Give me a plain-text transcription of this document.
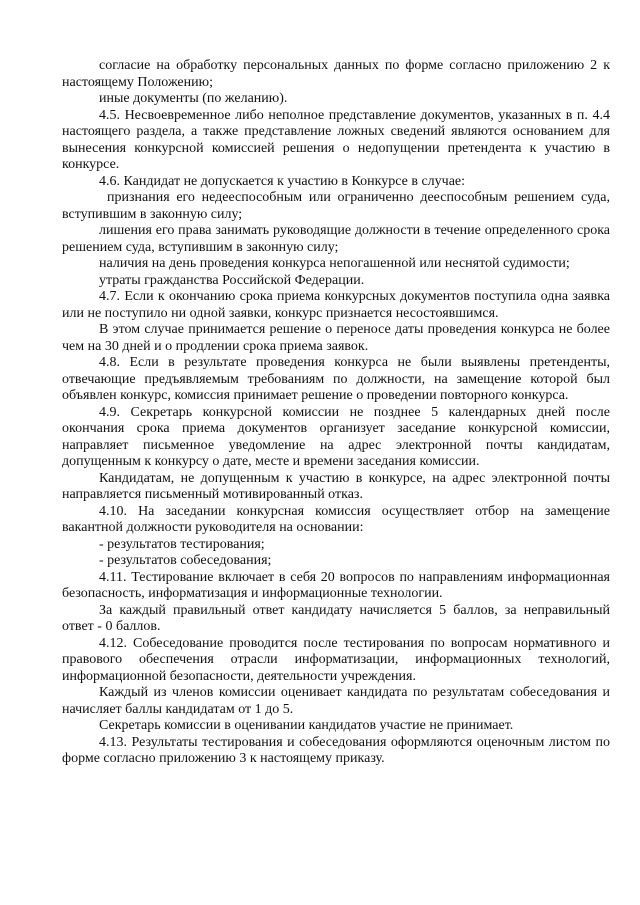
согласие на обработку персональных данных по форме согласно приложению 2 к настоящему Положению;

иные документы (по желанию).

4.5. Несвоевременное либо неполное представление документов, указанных в п. 4.4 настоящего раздела, а также представление ложных сведений являются основанием для вынесения конкурсной комиссией решения о недопущении претендента к участию в конкурсе.

4.6. Кандидат не допускается к участию в Конкурсе в случае:

признания его недееспособным или ограниченно дееспособным решением суда, вступившим в законную силу;

лишения его права занимать руководящие должности в течение определенного срока решением суда, вступившим в законную силу;

наличия на день проведения конкурса непогашенной или неснятой судимости;

утраты гражданства Российской Федерации.

4.7. Если к окончанию срока приема конкурсных документов поступила одна заявка или не поступило ни одной заявки, конкурс признается несостоявшимся.

В этом случае принимается решение о переносе даты проведения конкурса не более чем на 30 дней и о продлении срока приема заявок.

4.8. Если в результате проведения конкурса не были выявлены претенденты, отвечающие предъявляемым требованиям по должности, на замещение которой был объявлен конкурс, комиссия принимает решение о проведении повторного конкурса.

4.9. Секретарь конкурсной комиссии не позднее 5 календарных дней после окончания срока приема документов организует заседание конкурсной комиссии, направляет письменное уведомление на адрес электронной почты кандидатам, допущенным к конкурсу о дате, месте и времени заседания комиссии.

Кандидатам, не допущенным к участию в конкурсе, на адрес электронной почты направляется письменный мотивированный отказ.

4.10. На заседании конкурсная комиссия осуществляет отбор на замещение вакантной должности руководителя на основании:

- результатов тестирования;

- результатов собеседования;

4.11. Тестирование включает в себя 20 вопросов по направлениям информационная безопасность, информатизация и информационные технологии.

За каждый правильный ответ кандидату начисляется 5 баллов, за неправильный ответ - 0 баллов.

4.12. Собеседование проводится после тестирования по вопросам нормативного и правового обеспечения отрасли информатизации, информационных технологий, информационной безопасности, деятельности учреждения.

Каждый из членов комиссии оценивает кандидата по результатам собеседования и начисляет баллы кандидатам от 1 до 5.

Секретарь комиссии в оценивании кандидатов участие не принимает.

4.13. Результаты тестирования и собеседования оформляются оценочным листом по форме согласно приложению 3 к настоящему приказу.
